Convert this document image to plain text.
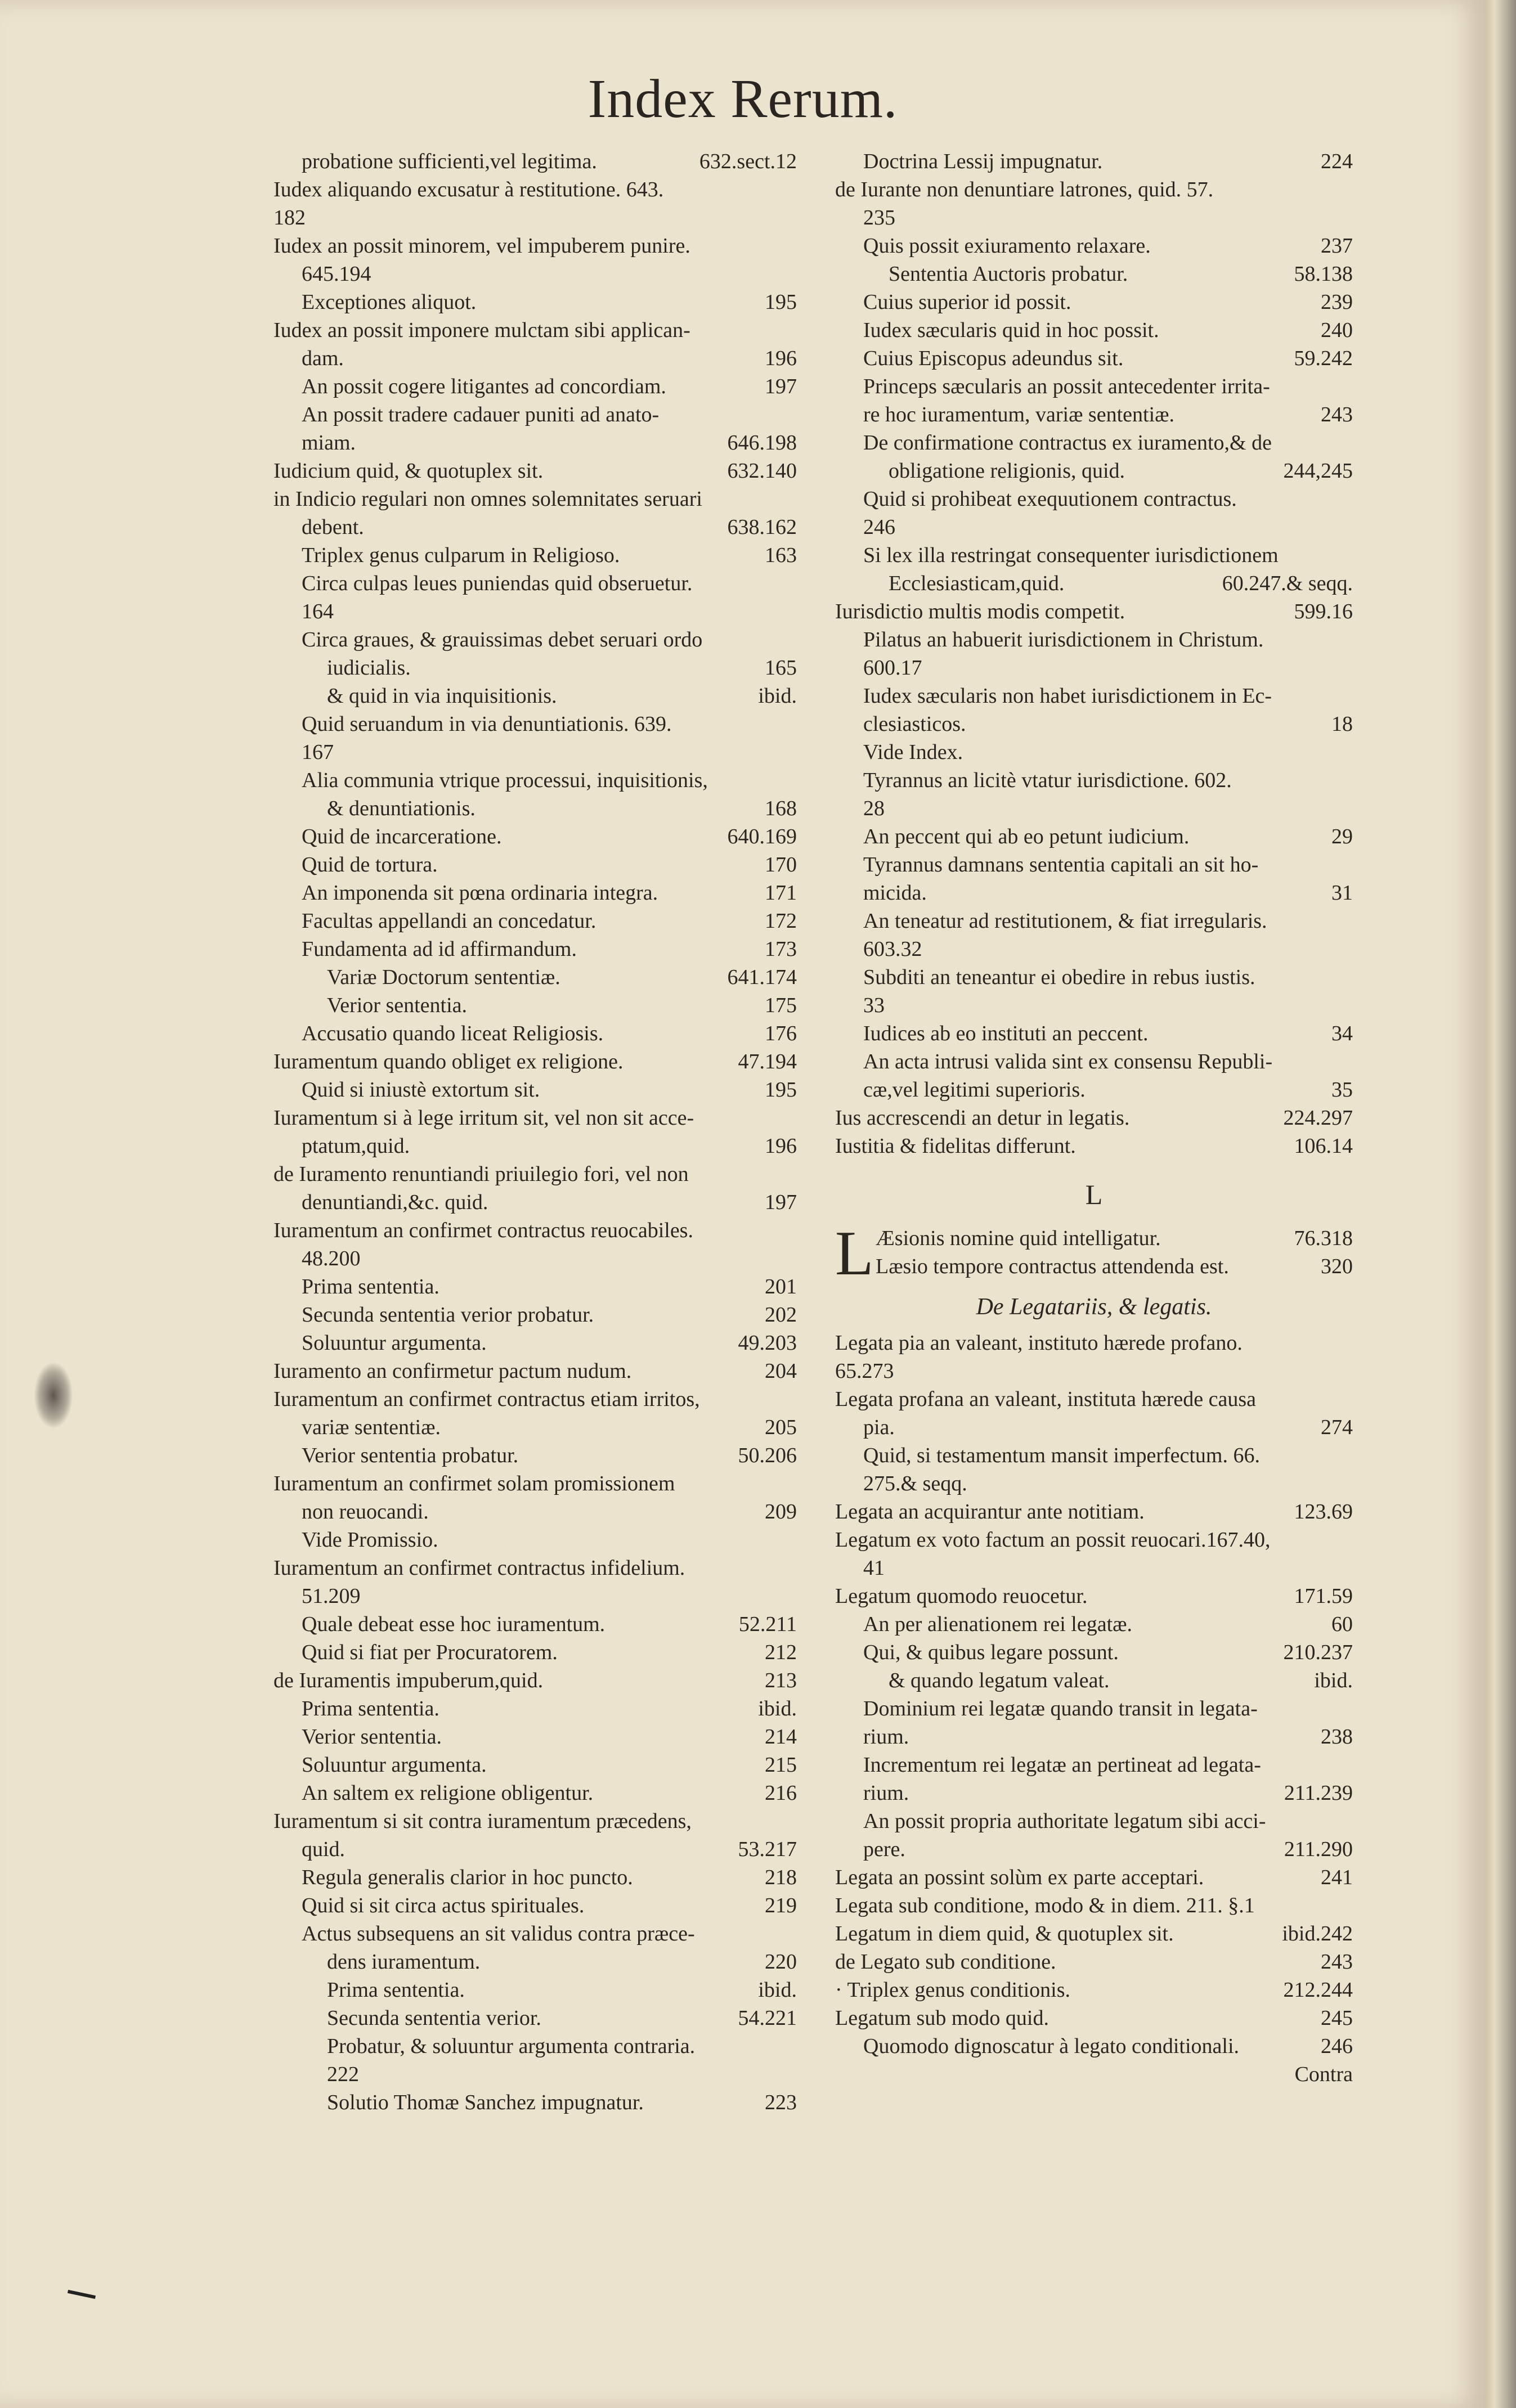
Index Rerum.
probatione sufficienti,vel legitima.	632.sect.12
Iudex aliquando excusatur à restitutione. 643.
182
Iudex an possit minorem, vel impuberem punire.
645.194
Exceptiones aliquot.	195
Iudex an possit imponere mulctam sibi applican-
dam.	196
An possit cogere litigantes ad concordiam.	197
An possit tradere cadauer puniti ad anato-
miam.	646.198
Iudicium quid, & quotuplex sit.	632.140
in Indicio regulari non omnes solemnitates seruari
debent.	638.162
Triplex genus culparum in Religioso.	163
Circa culpas leues puniendas quid obseruetur.
164
Circa graues, & grauissimas debet seruari ordo
iudicialis.	165
& quid in via inquisitionis.	ibid.
Quid seruandum in via denuntiationis. 639.
167
Alia communia vtrique processui, inquisitionis,
& denuntiationis.	168
Quid de incarceratione.	640.169
Quid de tortura.	170
An imponenda sit pœna ordinaria integra.	171
Facultas appellandi an concedatur.	172
Fundamenta ad id affirmandum.	173
Variæ Doctorum sententiæ.	641.174
Verior sententia.	175
Accusatio quando liceat Religiosis.	176
Iuramentum quando obliget ex religione.	47.194
Quid si iniustè extortum sit.	195
Iuramentum si à lege irritum sit, vel non sit acce-
ptatum,quid.	196
de Iuramento renuntiandi priuilegio fori, vel non
denuntiandi,&c. quid.	197
Iuramentum an confirmet contractus reuocabiles.
48.200
Prima sententia.	201
Secunda sententia verior probatur.	202
Soluuntur argumenta.	49.203
Iuramento an confirmetur pactum nudum.	204
Iuramentum an confirmet contractus etiam irritos,
variæ sententiæ.	205
Verior sententia probatur.	50.206
Iuramentum an confirmet solam promissionem
non reuocandi.	209
Vide Promissio.
Iuramentum an confirmet contractus infidelium.
51.209
Quale debeat esse hoc iuramentum.	52.211
Quid si fiat per Procuratorem.	212
de Iuramentis impuberum,quid.	213
Prima sententia.	ibid.
Verior sententia.	214
Soluuntur argumenta.	215
An saltem ex religione obligentur.	216
Iuramentum si sit contra iuramentum præcedens,
quid.	53.217
Regula generalis clarior in hoc puncto.	218
Quid si sit circa actus spirituales.	219
Actus subsequens an sit validus contra præce-
dens iuramentum.	220
Prima sententia.	ibid.
Secunda sententia verior.	54.221
Probatur, & soluuntur argumenta contraria.
222
Solutio Thomæ Sanchez impugnatur.	223
Doctrina Lessij impugnatur.	224
de Iurante non denuntiare latrones, quid. 57.
235
Quis possit exiuramento relaxare.	237
Sententia Auctoris probatur.	58.138
Cuius superior id possit.	239
Iudex sæcularis quid in hoc possit.	240
Cuius Episcopus adeundus sit.	59.242
Princeps sæcularis an possit antecedenter irrita-
re hoc iuramentum, variæ sententiæ.	243
De confirmatione contractus ex iuramento,& de
obligatione religionis, quid.	244,245
Quid si prohibeat exequutionem contractus.
246
Si lex illa restringat consequenter iurisdictionem
Ecclesiasticam,quid.	60.247.& seqq.
Iurisdictio multis modis competit.	599.16
Pilatus an habuerit iurisdictionem in Christum.
600.17
Iudex sæcularis non habet iurisdictionem in Ec-
clesiasticos.	18
Vide Index.
Tyrannus an licitè vtatur iurisdictione. 602.
28
An peccent qui ab eo petunt iudicium.	29
Tyrannus damnans sententia capitali an sit ho-
micida.	31
An teneatur ad restitutionem, & fiat irregularis.
603.32
Subditi an teneantur ei obedire in rebus iustis.
33
Iudices ab eo instituti an peccent.	34
An acta intrusi valida sint ex consensu Republi-
cæ,vel legitimi superioris.	35
Ius accrescendi an detur in legatis.	224.297
Iustitia & fidelitas differunt.	106.14
L
L Æsionis nomine quid intelligatur.	76.318
Læsio tempore contractus attendenda est.	320
De Legatariis, & legatis.
Legata pia an valeant, instituto hærede profano.
65.273
Legata profana an valeant, instituta hærede causa
pia.	274
Quid, si testamentum mansit imperfectum. 66.
275.& seqq.
Legata an acquirantur ante notitiam.	123.69
Legatum ex voto factum an possit reuocari.167.40,
41
Legatum quomodo reuocetur.	171.59
An per alienationem rei legatæ.	60
Qui, & quibus legare possunt.	210.237
& quando legatum valeat.	ibid.
Dominium rei legatæ quando transit in legata-
rium.	238
Incrementum rei legatæ an pertineat ad legata-
rium.	211.239
An possit propria authoritate legatum sibi acci-
pere.	211.290
Legata an possint solùm ex parte acceptari.	241
Legata sub conditione, modo & in diem. 211. §.1
Legatum in diem quid, & quotuplex sit.	ibid.242
de Legato sub conditione.	243
· Triplex genus conditionis.	212.244
Legatum sub modo quid.	245
Quomodo dignoscatur à legato conditionali.	246
Contra
